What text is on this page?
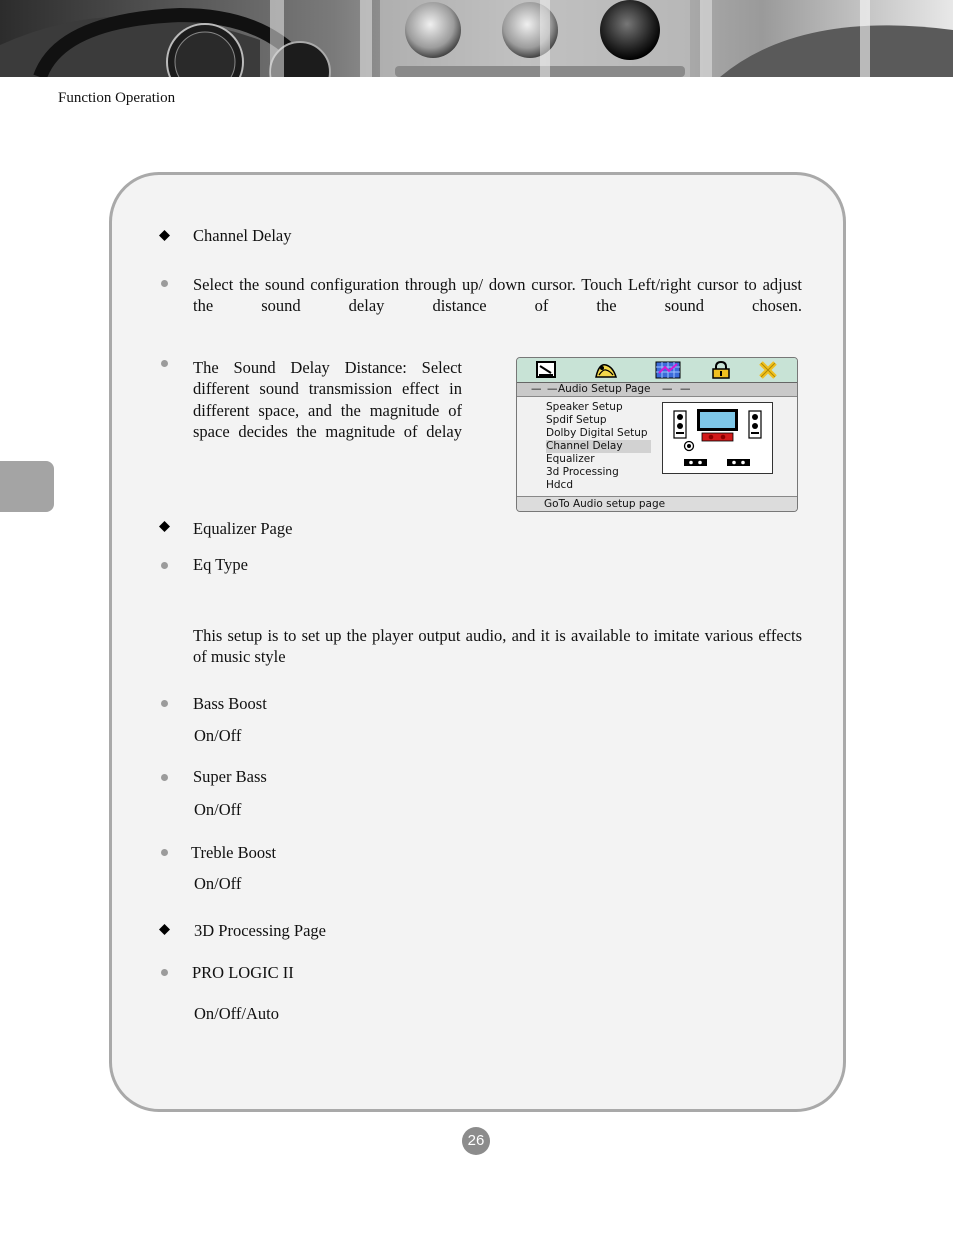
Function Operation
Channel Delay
Select the sound configuration through up/ down cursor. Touch Left/right cursor to adjust the sound delay distance of the sound chosen.
The Sound Delay Distance: Select
different sound transmission effect in
different space, and the magnitude of
space decides the magnitude of delay
— — Audio Setup Page — —
Speaker Setup
Spdif Setup
Dolby Digital Setup
Channel Delay
Equalizer
3d Processing
Hdcd
GoTo Audio setup page
Equalizer Page
Eq Type
This setup is to set up the player output audio, and it is available to imitate various effects of music style
Bass Boost
On/Off
Super Bass
On/Off
Treble Boost
On/Off
3D Processing Page
PRO LOGIC II
On/Off/Auto
26
